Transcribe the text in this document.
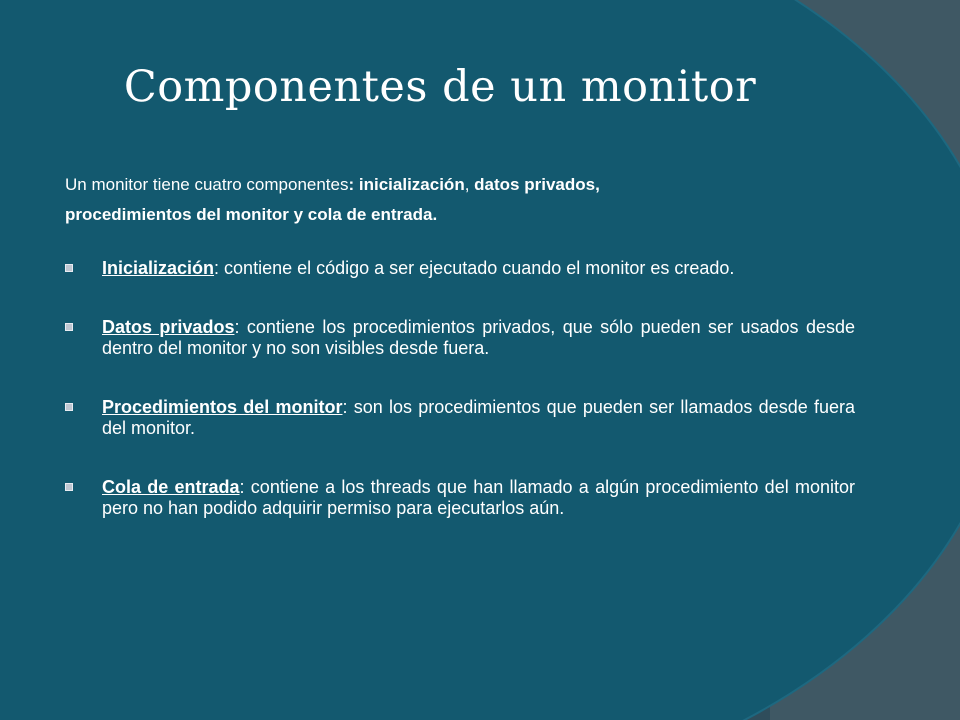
Componentes de un monitor

Un monitor tiene cuatro componentes: inicialización, datos privados,
procedimientos del monitor y cola de entrada.

Inicialización: contiene el código a ser ejecutado cuando el monitor es creado.
Datos privados: contiene los procedimientos privados, que sólo pueden ser usados desde dentro del monitor y no son visibles desde fuera.
Procedimientos del monitor: son los procedimientos que pueden ser llamados desde fuera del monitor.
Cola de entrada: contiene a los threads que han llamado a algún procedimiento del monitor pero no han podido adquirir permiso para ejecutarlos aún.
